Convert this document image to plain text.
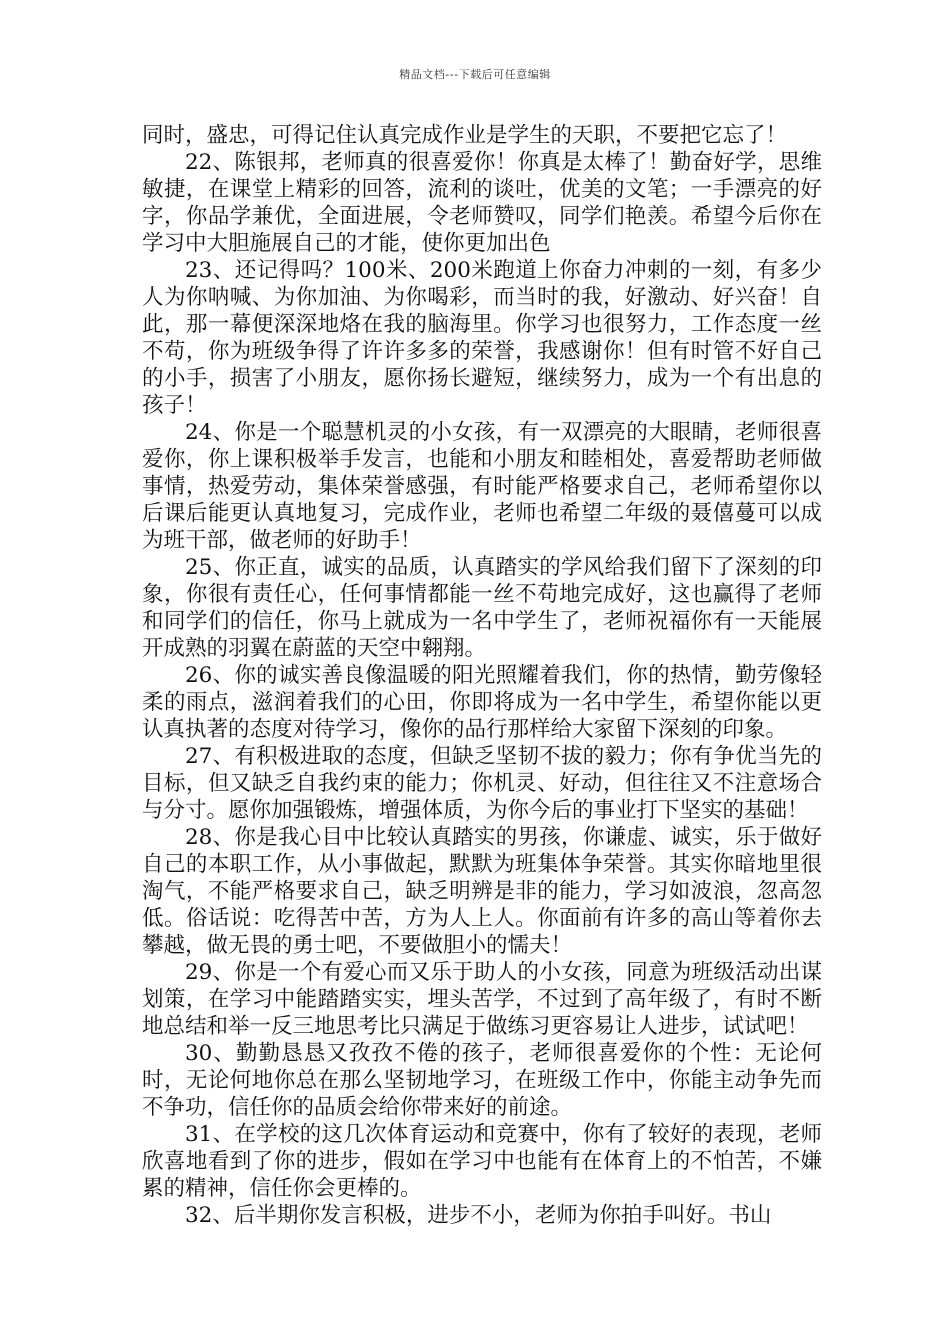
精品文档---下载后可任意编辑

同时，盛忠，可得记住认真完成作业是学生的天职，不要把它忘了！

22、陈银邦，老师真的很喜爱你！你真是太棒了！勤奋好学，思维敏捷，在课堂上精彩的回答，流利的谈吐，优美的文笔；一手漂亮的好字，你品学兼优，全面进展，令老师赞叹，同学们艳羡。希望今后你在学习中大胆施展自己的才能，使你更加出色

23、还记得吗？100米、200米跑道上你奋力冲刺的一刻，有多少人为你呐喊、为你加油、为你喝彩，而当时的我，好激动、好兴奋！自此，那一幕便深深地烙在我的脑海里。你学习也很努力，工作态度一丝不苟，你为班级争得了许许多多的荣誉，我感谢你！但有时管不好自己的小手，损害了小朋友，愿你扬长避短，继续努力，成为一个有出息的孩子！

24、你是一个聪慧机灵的小女孩，有一双漂亮的大眼睛，老师很喜爱你，你上课积极举手发言，也能和小朋友和睦相处，喜爱帮助老师做事情，热爱劳动，集体荣誉感强，有时能严格要求自己，老师希望你以后课后能更认真地复习，完成作业，老师也希望二年级的聂僖蔓可以成为班干部，做老师的好助手！

25、你正直，诚实的品质，认真踏实的学风给我们留下了深刻的印象，你很有责任心，任何事情都能一丝不苟地完成好，这也赢得了老师和同学们的信任，你马上就成为一名中学生了，老师祝福你有一天能展开成熟的羽翼在蔚蓝的天空中翱翔。

26、你的诚实善良像温暖的阳光照耀着我们，你的热情，勤劳像轻柔的雨点，滋润着我们的心田，你即将成为一名中学生，希望你能以更认真执著的态度对待学习，像你的品行那样给大家留下深刻的印象。

27、有积极进取的态度，但缺乏坚韧不拔的毅力；你有争优当先的目标，但又缺乏自我约束的能力；你机灵、好动，但往往又不注意场合与分寸。愿你加强锻炼，增强体质，为你今后的事业打下坚实的基础！

28、你是我心目中比较认真踏实的男孩，你谦虚、诚实，乐于做好自己的本职工作，从小事做起，默默为班集体争荣誉。其实你暗地里很淘气，不能严格要求自己，缺乏明辨是非的能力，学习如波浪，忽高忽低。俗话说：吃得苦中苦，方为人上人。你面前有许多的高山等着你去攀越，做无畏的勇士吧，不要做胆小的懦夫！

29、你是一个有爱心而又乐于助人的小女孩，同意为班级活动出谋划策，在学习中能踏踏实实，埋头苦学，不过到了高年级了，有时不断地总结和举一反三地思考比只满足于做练习更容易让人进步，试试吧！

30、勤勤恳恳又孜孜不倦的孩子，老师很喜爱你的个性：无论何时，无论何地你总在那么坚韧地学习，在班级工作中，你能主动争先而不争功，信任你的品质会给你带来好的前途。

31、在学校的这几次体育运动和竞赛中，你有了较好的表现，老师欣喜地看到了你的进步，假如在学习中也能有在体育上的不怕苦，不嫌累的精神，信任你会更棒的。

32、后半期你发言积极，进步不小，老师为你拍手叫好。书山
